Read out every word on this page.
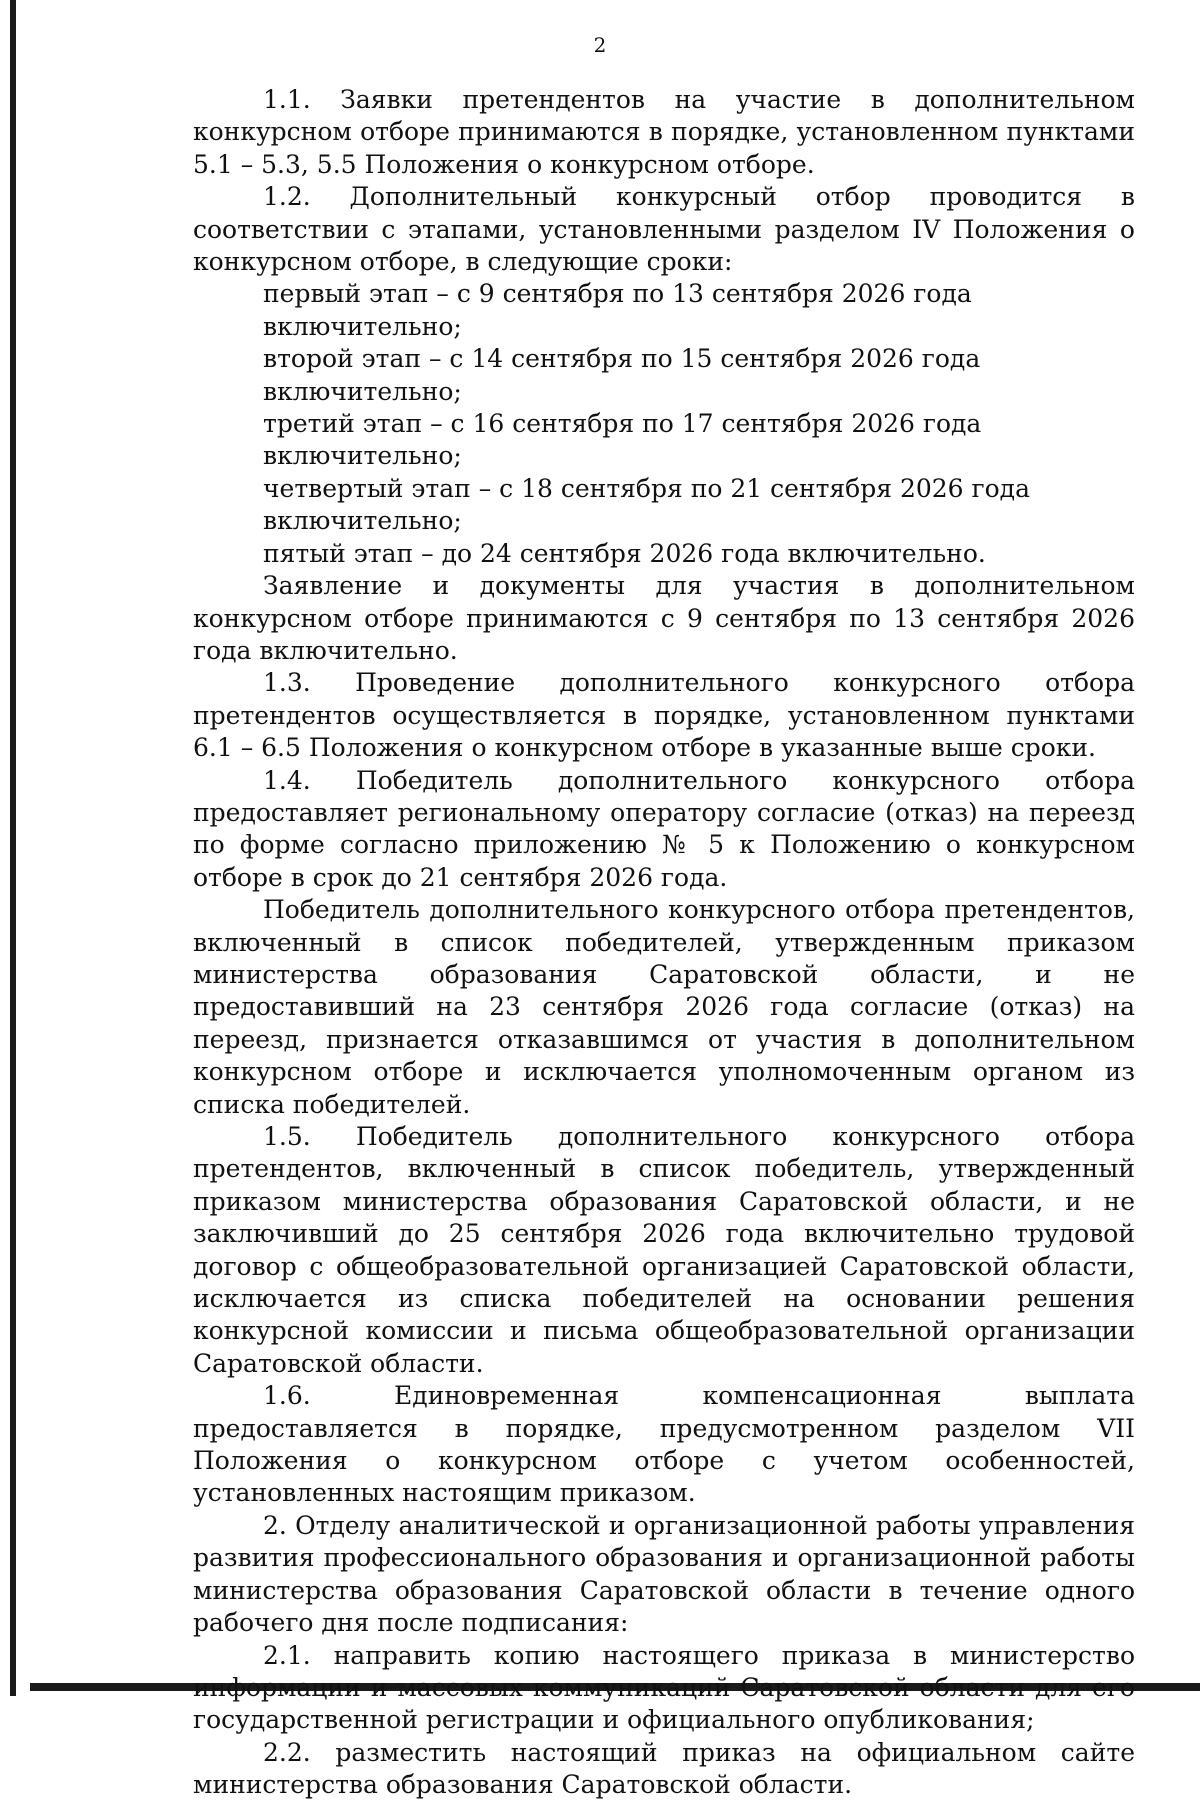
2

1.1. Заявки претендентов на участие в дополнительном конкурсном отборе принимаются в порядке, установленном пунктами 5.1 – 5.3, 5.5 Положения о конкурсном отборе.

1.2. Дополнительный конкурсный отбор проводится в соответствии с этапами, установленными разделом IV Положения о конкурсном отборе, в следующие сроки:

первый этап – с 9 сентября по 13 сентября 2026 года включительно;

второй этап – с 14 сентября по 15 сентября 2026 года включительно;

третий этап – с 16 сентября по 17 сентября 2026 года включительно;

четвертый этап – с 18 сентября по 21 сентября 2026 года включительно;

пятый этап – до 24 сентября 2026 года включительно.

Заявление и документы для участия в дополнительном конкурсном отборе принимаются с 9 сентября по 13 сентября 2026 года включительно.

1.3. Проведение дополнительного конкурсного отбора претендентов осуществляется в порядке, установленном пунктами 6.1 – 6.5 Положения о конкурсном отборе в указанные выше сроки.

1.4. Победитель дополнительного конкурсного отбора предоставляет региональному оператору согласие (отказ) на переезд по форме согласно приложению № 5 к Положению о конкурсном отборе в срок до 21 сентября 2026 года.

Победитель дополнительного конкурсного отбора претендентов, включенный в список победителей, утвержденным приказом министерства образования Саратовской области, и не предоставивший на 23 сентября 2026 года согласие (отказ) на переезд, признается отказавшимся от участия в дополнительном конкурсном отборе и исключается уполномоченным органом из списка победителей.

1.5. Победитель дополнительного конкурсного отбора претендентов, включенный в список победитель, утвержденный приказом министерства образования Саратовской области, и не заключивший до 25 сентября 2026 года включительно трудовой договор с общеобразовательной организацией Саратовской области, исключается из списка победителей на основании решения конкурсной комиссии и письма общеобразовательной организации Саратовской области.

1.6. Единовременная компенсационная выплата предоставляется в порядке, предусмотренном разделом VII Положения о конкурсном отборе с учетом особенностей, установленных настоящим приказом.

2. Отделу аналитической и организационной работы управления развития профессионального образования и организационной работы министерства образования Саратовской области в течение одного рабочего дня после подписания:

2.1. направить копию настоящего приказа в министерство информации и массовых коммуникаций Саратовской области для его государственной регистрации и официального опубликования;

2.2. разместить настоящий приказ на официальном сайте министерства образования Саратовской области.
